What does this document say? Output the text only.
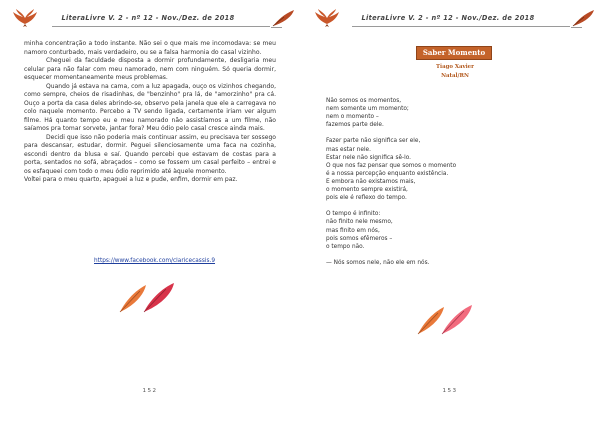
LiteraLivre V. 2 - nº 12 - Nov./Dez. de 2018

minha concentração a todo instante. Não sei o que mais me incomodava: se meu namoro conturbado, mais verdadeiro, ou se a falsa harmonia do casal vizinho.

Cheguei da faculdade disposta a dormir profundamente, desligaria meu celular para não falar com meu namorado, nem com ninguém. Só queria dormir, esquecer momentaneamente meus problemas.

Quando já estava na cama, com a luz apagada, ouço os vizinhos chegando, como sempre, cheios de risadinhas, de "benzinho" pra lá, de "amorzinho" pra cá. Ouço a porta da casa deles abrindo-se, observo pela janela que ele a carregava no colo naquele momento. Percebo a TV sendo ligada, certamente iriam ver algum filme. Há quanto tempo eu e meu namorado não assistíamos a um filme, não saíamos pra tomar sorvete, jantar fora? Meu ódio pelo casal cresce ainda mais.

Decidi que isso não poderia mais continuar assim, eu precisava ter sossego para descansar, estudar, dormir. Peguei silenciosamente uma faca na cozinha, escondi dentro da blusa e saí. Quando percebi que estavam de costas para a porta, sentados no sofá, abraçados – como se fossem um casal perfeito – entrei e os esfaqueei com todo o meu ódio reprimido até àquele momento.

Voltei para o meu quarto, apaguei a luz e pude, enfim, dormir em paz.

https://www.facebook.com/claricecassis.9
152
LiteraLivre V. 2 - nº 12 - Nov./Dez. de 2018
Saber Momento
Tiago Xavier
Natal/RN
Não somos os momentos,
nem somente um momento;
nem o momento –
fazemos parte dele.
Fazer parte não significa ser ele,
mas estar nele.
Estar nele não significa sê-lo.
O que nos faz pensar que somos o momento
é a nossa percepção enquanto existência.
E embora não existamos mais,
o momento sempre existirá,
pois ele é reflexo do tempo.
O tempo é infinito:
não finito nele mesmo,
mas finito em nós,
pois somos efêmeros –
o tempo não.
— Nós somos nele, não ele em nós.
153
